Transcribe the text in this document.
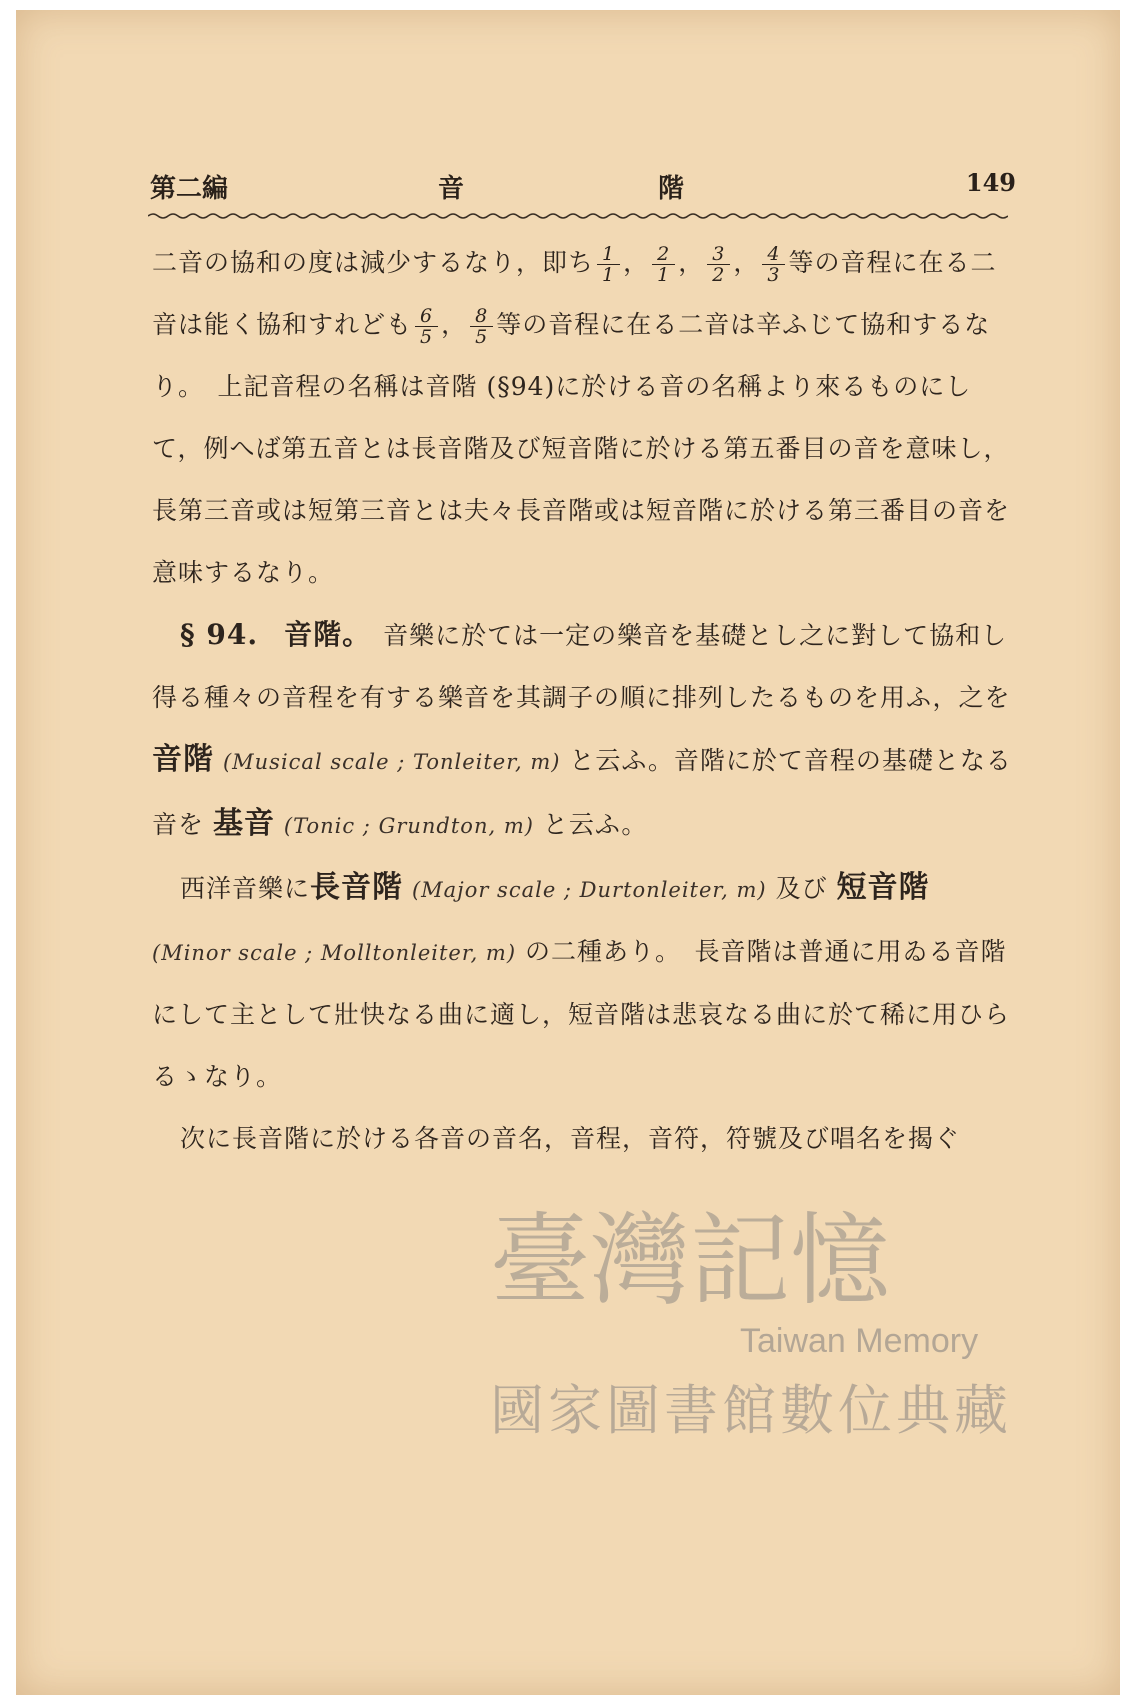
第二編	音	階	149

二音の協和の度は減少するなり，即ち $\frac{1}{1}$ ， $\frac{2}{1}$ ， $\frac{3}{2}$ ， $\frac{4}{3}$ 等の音程に在る二音は能く協和すれども $\frac{6}{5}$ ， $\frac{8}{5}$ 等の音程に在る二音は辛ふじて協和するなり。　上記音程の名稱は音階 (§94)に於ける音の名稱より來るものにして，例へば第五音とは長音階及び短音階に於ける第五番目の音を意味し，長第三音或は短第三音とは夫々長音階或は短音階に於ける第三番目の音を意味するなり。

§ 94.　 音階。　 音樂に於ては一定の樂音を基礎とし之に對して協和し得る種々の音程を有する樂音を其調子の順に排列したるものを用ふ，之を 音階 (Musical scale ; Tonleiter, m) と云ふ。音階に於て音程の基礎となる音を 基音 (Tonic ; Grundton, m) と云ふ。

西洋音樂に長音階 (Major scale ; Durtonleiter, m) 及び 短音階 (Minor scale ; Molltonleiter, m) の二種あり。　長音階は普通に用ゐる音階にして主として壯快なる曲に適し，短音階は悲哀なる曲に於て稀に用ひらるゝなり。

次に長音階に於ける各音の音名，音程，音符，符號及び唱名を揭ぐ

臺灣記憶
Taiwan Memory
國家圖書館數位典藏
